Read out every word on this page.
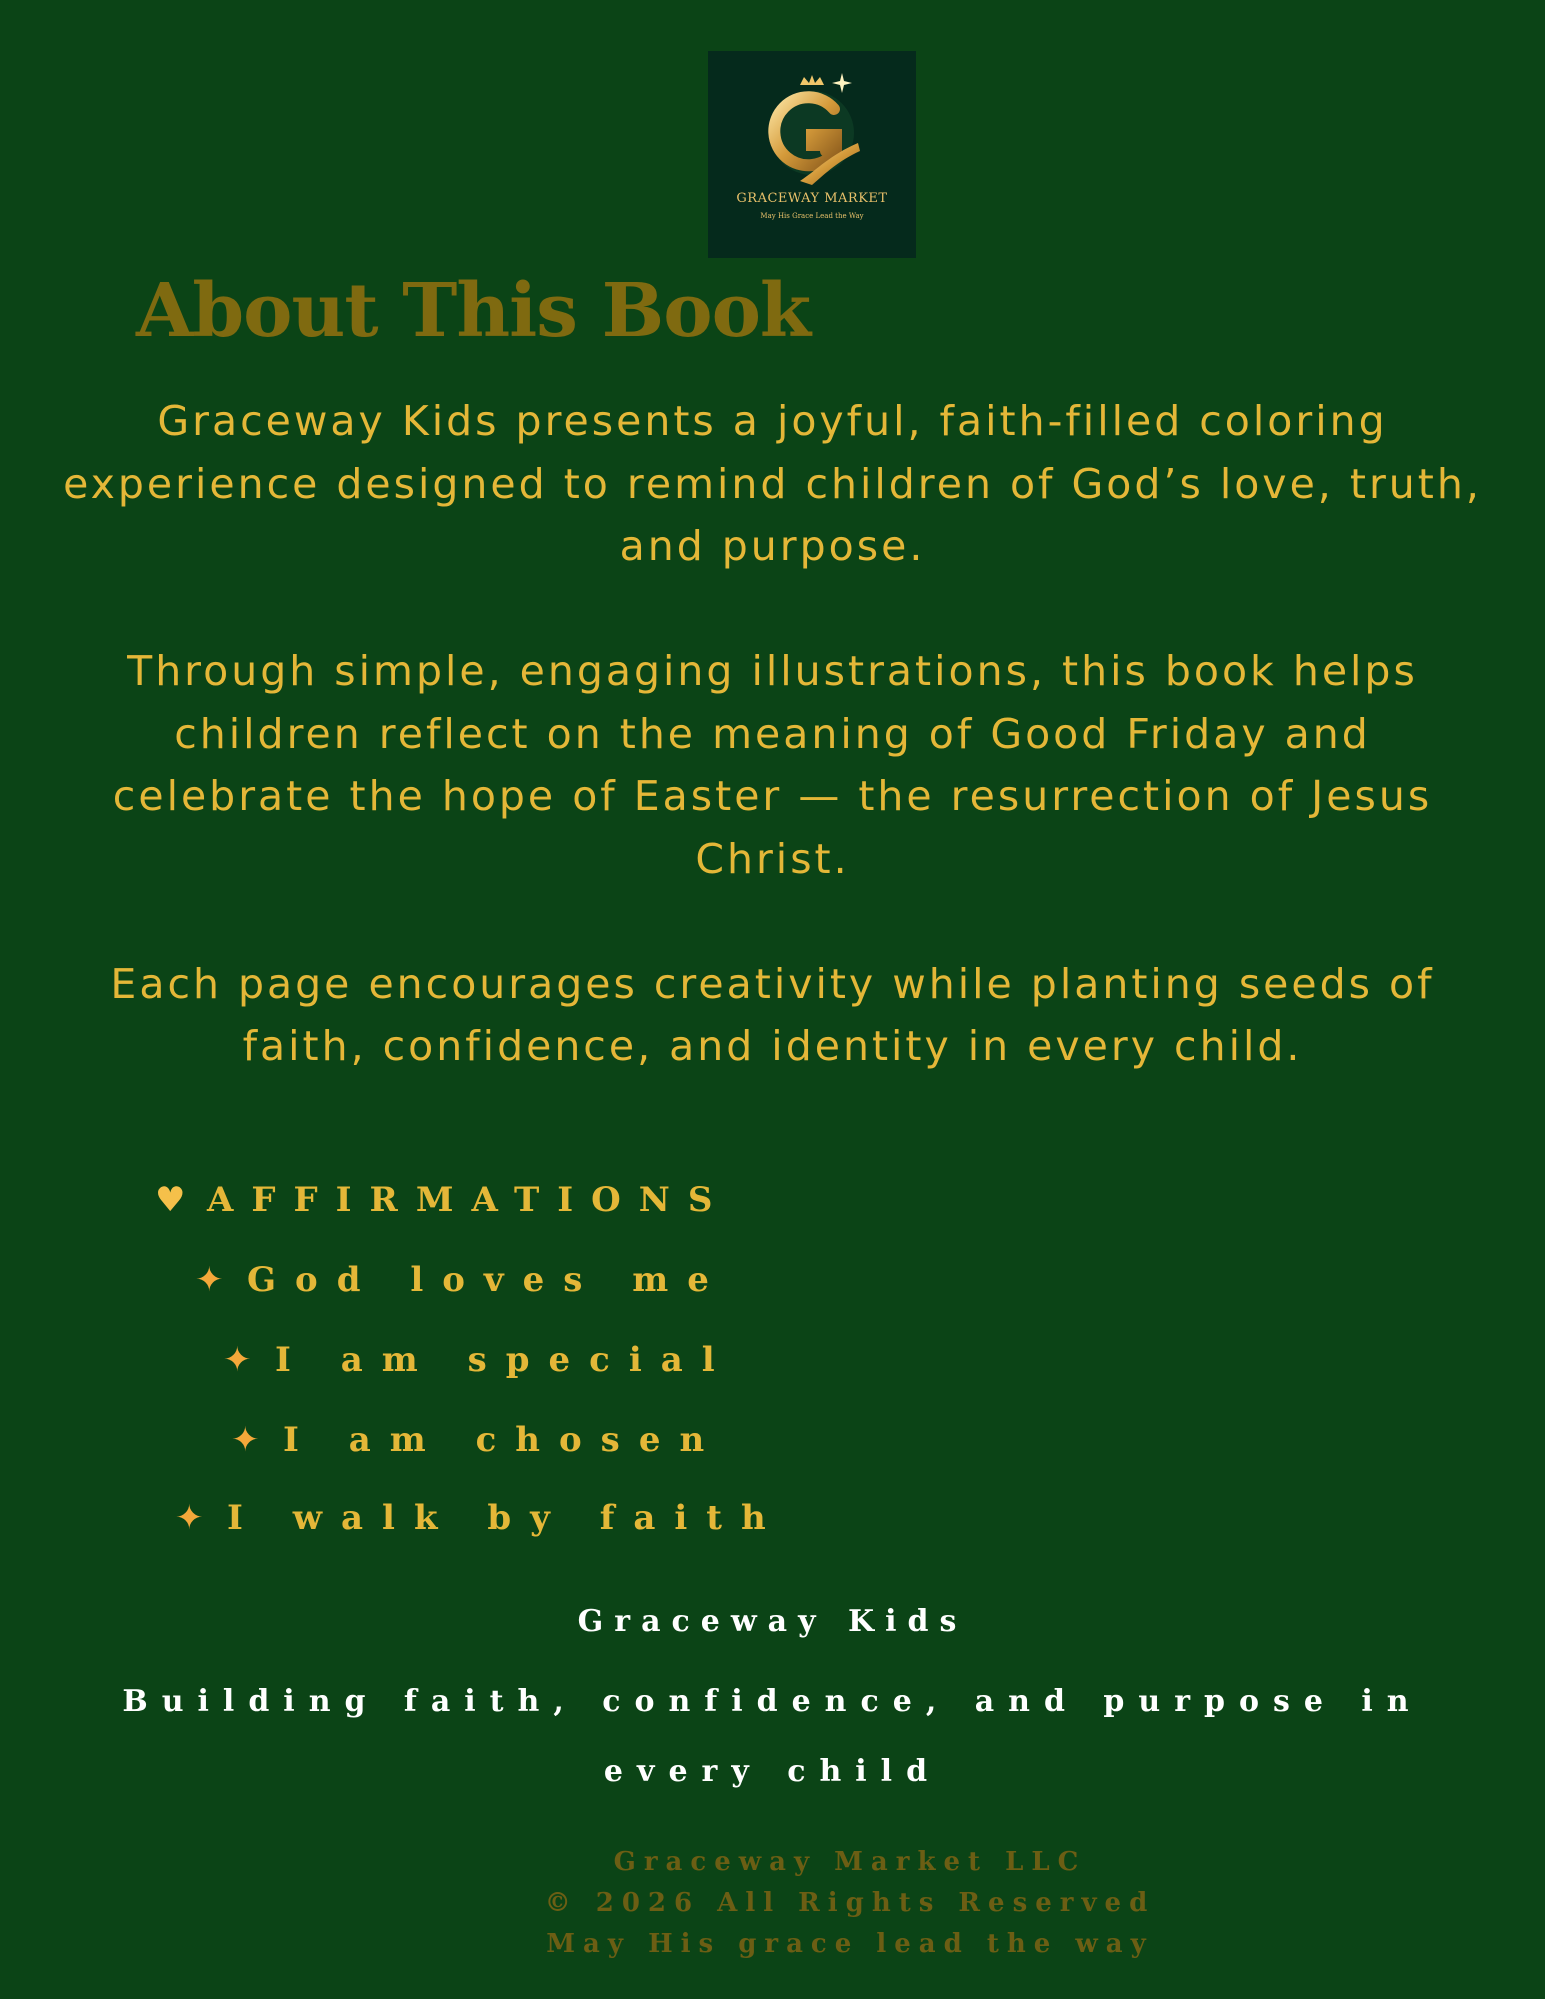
GRACEWAY MARKET
May His Grace Lead the Way
About This Book

Graceway Kids presents a joyful, faith-filled coloring experience designed to remind children of God’s love, truth, and purpose.

Through simple, engaging illustrations, this book helps children reflect on the meaning of Good Friday and celebrate the hope of Easter — the resurrection of Jesus Christ.

Each page encourages creativity while planting seeds of faith, confidence, and identity in every child.

♥ AFFIRMATIONS
✦ God loves me
✦ I am special
✦ I am chosen
✦ I walk by faith
Graceway Kids
Building faith, confidence, and purpose in every child
Graceway Market LLC
© 2026 All Rights Reserved
May His grace lead the way
